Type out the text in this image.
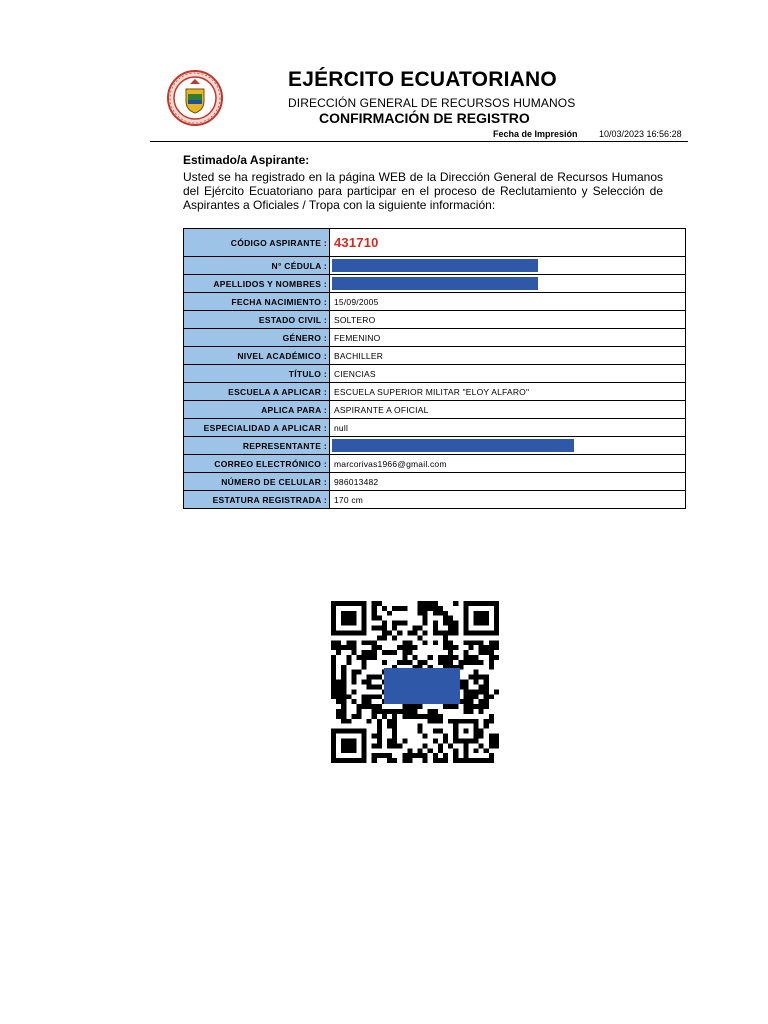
EJÉRCITO ECUATORIANO
DIRECCIÓN GENERAL DE RECURSOS HUMANOS
CONFIRMACIÓN DE REGISTRO
Fecha de Impresión 10/03/2023 16:56:28
Estimado/a Aspirante:
Usted se ha registrado en la página WEB de la Dirección General de Recursos Humanos del Ejército Ecuatoriano para participar en el proceso de Reclutamiento y Selección de Aspirantes a Oficiales / Tropa con la siguiente información:
CÓDIGO ASPIRANTE :	431710
N° CÉDULA :	
APELLIDOS Y NOMBRES :	
FECHA NACIMIENTO :	15/09/2005
ESTADO CIVIL :	SOLTERO
GÉNERO :	FEMENINO
NIVEL ACADÉMICO :	BACHILLER
TÍTULO :	CIENCIAS
ESCUELA A APLICAR :	ESCUELA SUPERIOR MILITAR "ELOY ALFARO"
APLICA PARA :	ASPIRANTE A OFICIAL
ESPECIALIDAD A APLICAR :	null
REPRESENTANTE :	
CORREO ELECTRÓNICO :	marcorivas1966@gmail.com
NÚMERO DE CELULAR :	986013482
ESTATURA REGISTRADA :	170 cm
